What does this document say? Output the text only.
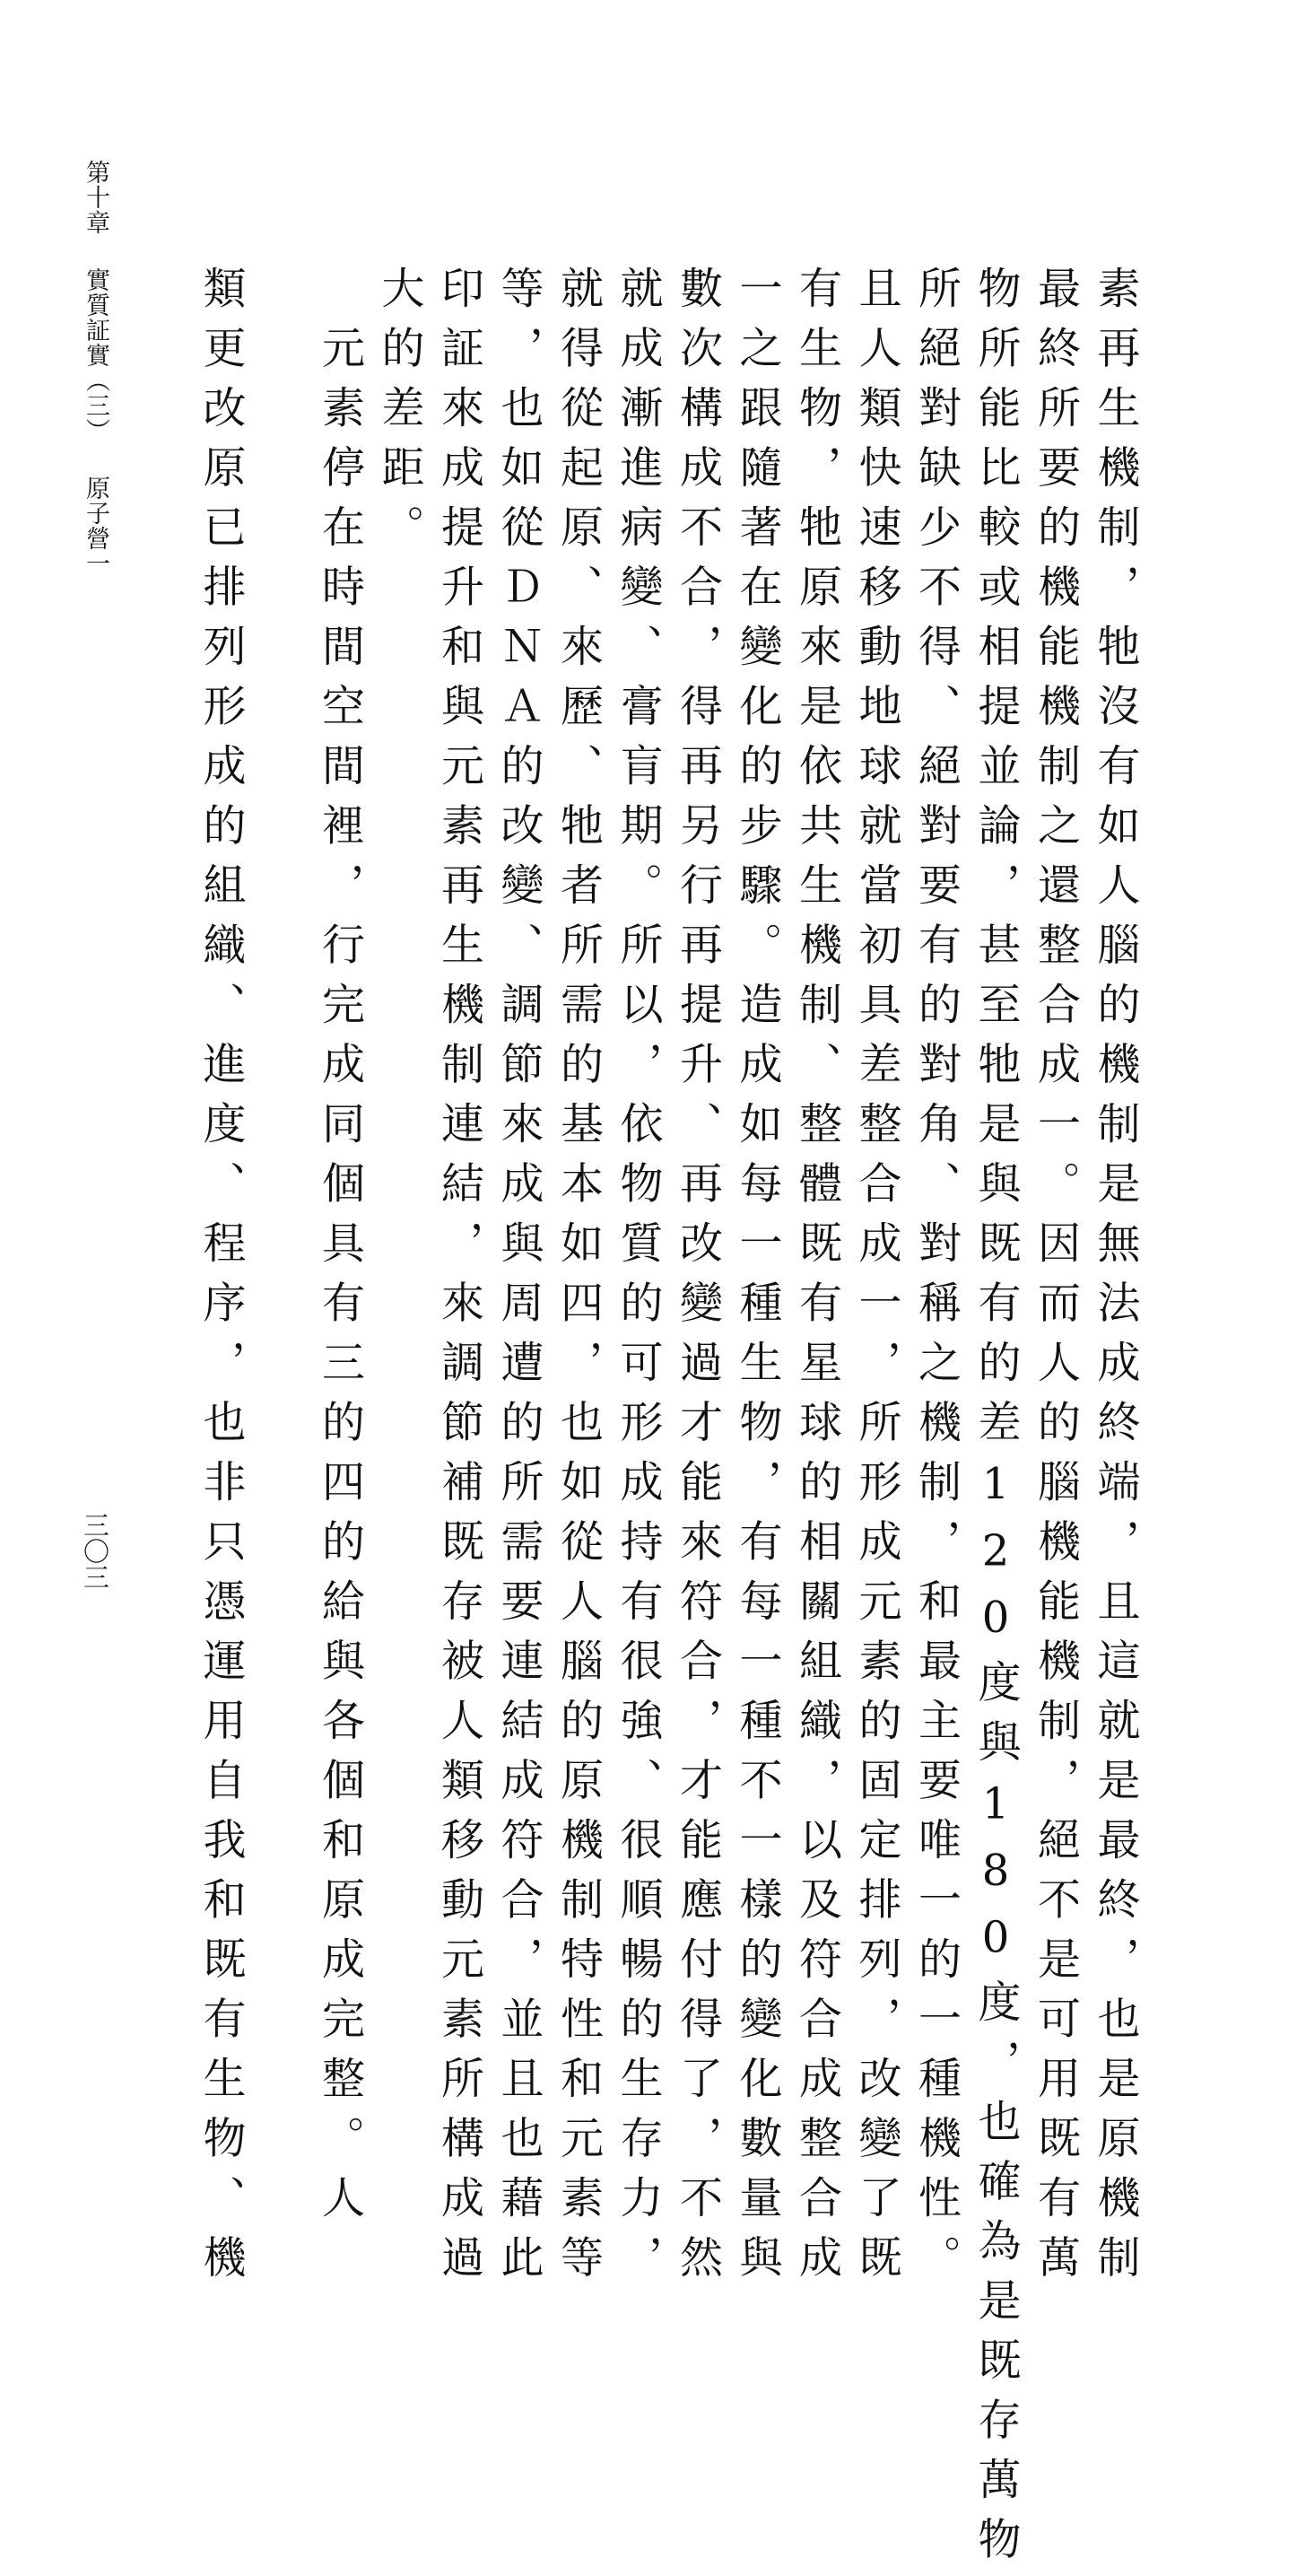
第十章實質証實（三）原子營一
三〇三	素再生機制，牠沒有如人腦的機制是無法成終端，且這就是最終，也是原機制

最終所要的機能機制之還整合成一。因而人的腦機能機制，絕不是可用既有萬

物所能比較或相提並論，甚至牠是與既有的差120度與180度，也確為是既存萬物

所絕對缺少不得、絕對要有的對角、對稱之機制，和最主要唯一的一種機性。

且人類快速移動地球就當初具差整合成一，所形成元素的固定排列，改變了既

有生物，牠原來是依共生機制、整體既有星球的相關組織，以及符合成整合成

一之跟隨著在變化的步驟。造成如每一種生物，有每一種不一樣的變化數量與

數次構成不合，得再另行再提升、再改變過才能來符合，才能應付得了，不然

就成漸進病變、膏肓期。所以，依物質的可形成持有很強、很順暢的生存力，

就得從起原、來歷、牠者所需的基本如四，也如從人腦的原機制特性和元素等

等，也如從ＤＮＡ的改變、調節來成與周遭的所需要連結成符合，並且也藉此

印証來成提升和與元素再生機制連結，來調節補既存被人類移動元素所構成過

大的差距。

　元素停在時間空間裡，行完成同個具有三的四的給與各個和原成完整。人

類更改原已排列形成的組織、進度、程序，也非只憑運用自我和既有生物、機
